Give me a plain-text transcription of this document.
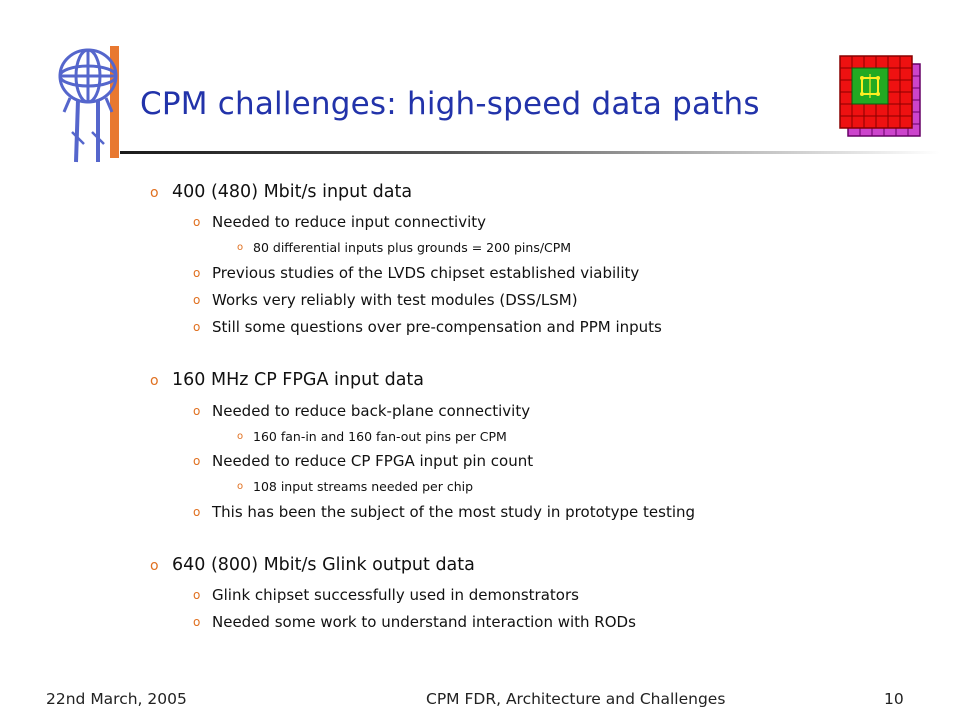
CPM challenges: high-speed data paths
o 400 (480) Mbit/s input data
o Needed to reduce input connectivity
o 80 differential inputs plus grounds = 200 pins/CPM
o Previous studies of the LVDS chipset established viability
o Works very reliably with test modules (DSS/LSM)
o Still some questions over pre-compensation and PPM inputs
o 160 MHz CP FPGA input data
o Needed to reduce back-plane connectivity
o 160 fan-in and 160 fan-out pins per CPM
o Needed to reduce CP FPGA input pin count
o 108 input streams needed per chip
o This has been the subject of the most study in prototype testing
o 640 (800) Mbit/s Glink output data
o Glink chipset successfully used in demonstrators
o Needed some work to understand interaction with RODs
22nd March, 2005	CPM FDR, Architecture and Challenges	10
